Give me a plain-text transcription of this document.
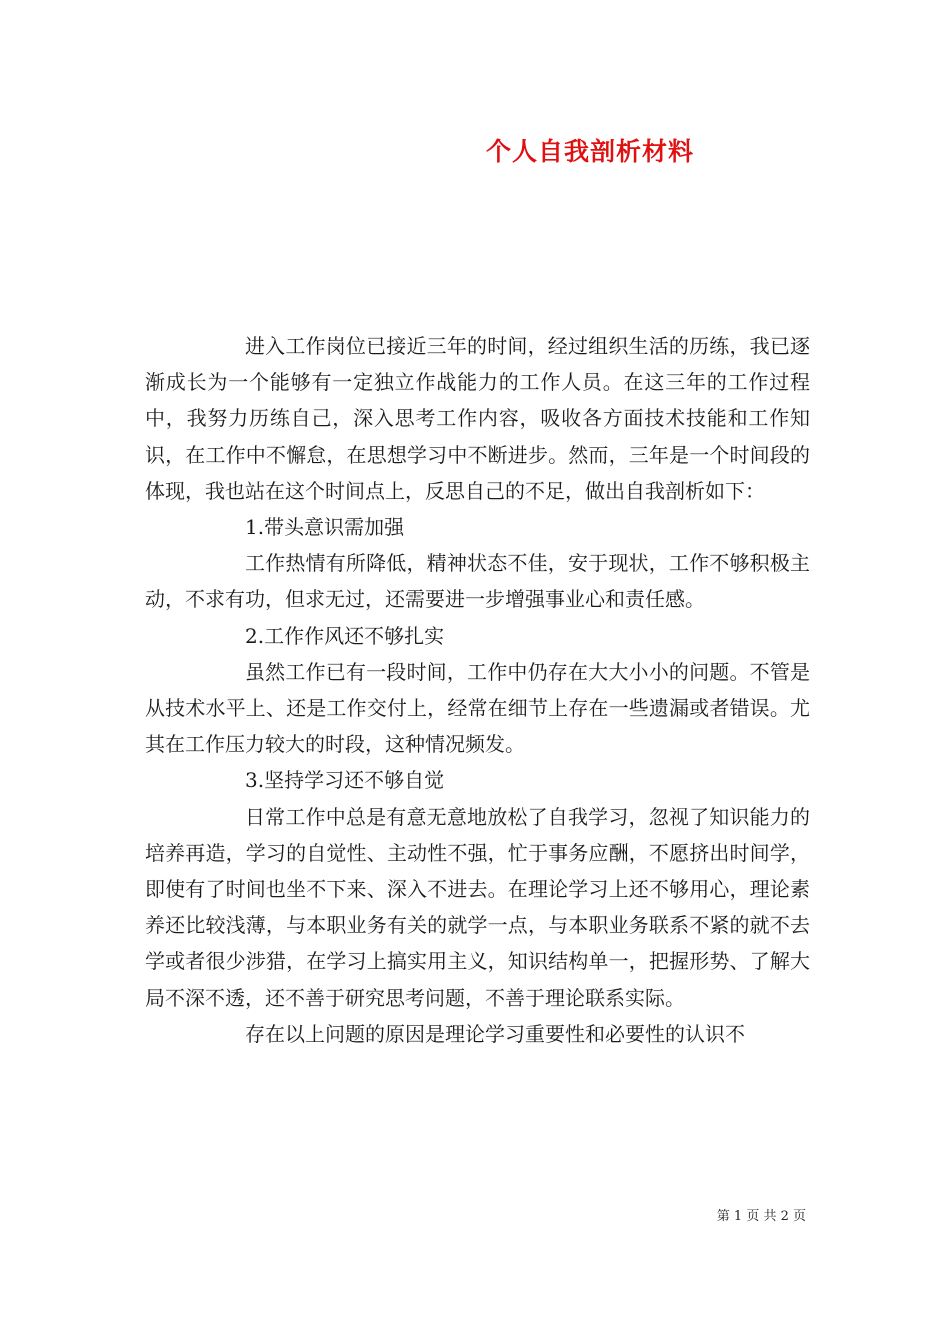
个人自我剖析材料

进入工作岗位已接近三年的时间，经过组织生活的历练，我已逐渐成长为一个能够有一定独立作战能力的工作人员。在这三年的工作过程中，我努力历练自己，深入思考工作内容，吸收各方面技术技能和工作知识，在工作中不懈怠，在思想学习中不断进步。然而，三年是一个时间段的体现，我也站在这个时间点上，反思自己的不足，做出自我剖析如下：

1.带头意识需加强

工作热情有所降低，精神状态不佳，安于现状，工作不够积极主动，不求有功，但求无过，还需要进一步增强事业心和责任感。

2.工作作风还不够扎实

虽然工作已有一段时间，工作中仍存在大大小小的问题。不管是从技术水平上、还是工作交付上，经常在细节上存在一些遗漏或者错误。尤其在工作压力较大的时段，这种情况频发。

3.坚持学习还不够自觉

日常工作中总是有意无意地放松了自我学习，忽视了知识能力的培养再造，学习的自觉性、主动性不强，忙于事务应酬，不愿挤出时间学，即使有了时间也坐不下来、深入不进去。在理论学习上还不够用心，理论素养还比较浅薄，与本职业务有关的就学一点，与本职业务联系不紧的就不去学或者很少涉猎，在学习上搞实用主义，知识结构单一，把握形势、了解大局不深不透，还不善于研究思考问题，不善于理论联系实际。

存在以上问题的原因是理论学习重要性和必要性的认识不

第 1 页 共 2 页
